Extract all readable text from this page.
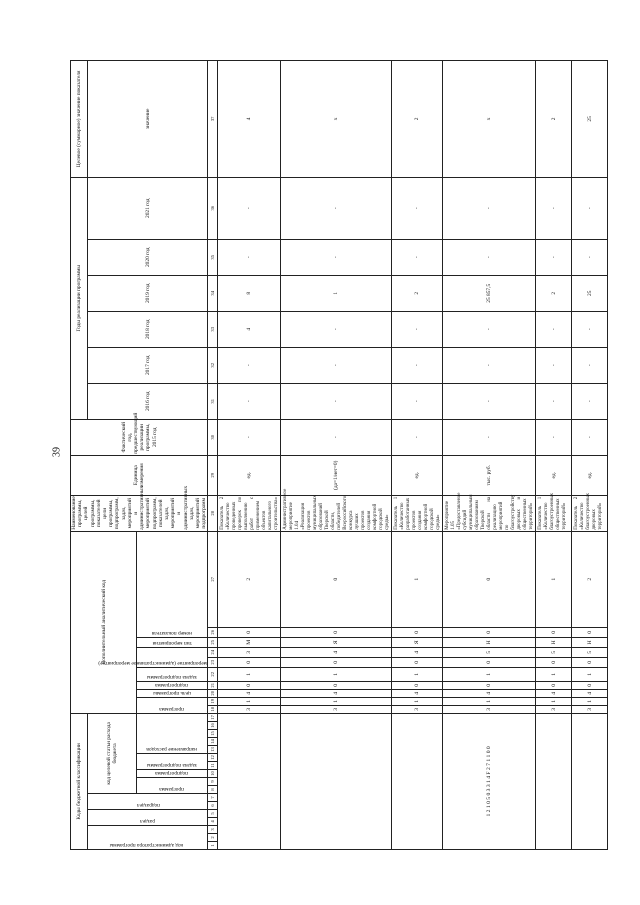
39
Коды бюджетной классификации																	Дополнительный аналитический код										Наименование программы, целей программы, показателей цели программы, подпрограмм, задач, мероприятий и административных мероприятий подпрограмм, показателей задач, мероприятий и административных задач, мероприятий подпрограмм	Единица измерения	Фактический год, предшествующий реализации программы, 2015 год	Годы реализации программы						Целевое (суммарное) значение показателя

код администратора программы			раздел		подраздел		код целевой статьи расхода бюджета																							2016 год	2017 год	2018 год	2019 год	2020 год	2021 год	значение

							программа		подпрограмма	задача подпрограммы		направление расходов					программа		цель программы	подпрограмма	задача подпрограммы	мероприятие (административное мероприятие)		тип мероприятия	номер показателя											

1	2	3	4	5	6	7	8	9	10	11	12	13	14	15	16	17	18	19	20	21	22	23	24	25	26	27	28	29	30	31	32	33	34	35	36	37
																	3	1	4	0	1	0	3	М	0	2	Показатель 2 «Количество проведенных проверок по выполнению работ с применением объектов капитального строительства»	ед.	-	-	-	4	8	-	-	4
																	3	1	4	0	1	0	4	Я	0	0	Административное мероприятие 1.04 «Реализация проектов муниципальных образований Тверской области, победителей Всероссийского конкурса лучших проектов создания комфортной городской среды»	(да=1/нет=0)	-	-	-	-	1	-	-	х
																	3	1	4	0	1	0	4	Я	0	1	Показатель 1 «Количество разработанных проектов создания комфортной городской среды»	ед.	-	-	-	-	2	-	-	2
1 2 1 0 5 0 3 3 1 4 F 2 7 1 1 0 0																	3	1	4	0	1	0	5	Н	0	0	Мероприятие 1.05 «Предоставление субсидий муниципальным образованиям Тверской области на реализацию мероприятий по благоустройству дворовых и общественных территорий»	тыс. руб.	-	-	-	-	25 857,5	-	-	х
																	3	1	4	0	1	0	5	Н	0	1	Показатель 1 «Количество благоустроенных общественных территорий»	ед.	-	-	-	-	2	-	-	2
																	3	1	4	0	1	0	5	Н	0	2	Показатель 2 «Количество благоустроенных дворовых территорий»	ед.	-	-	-	-	25	-	-	25
